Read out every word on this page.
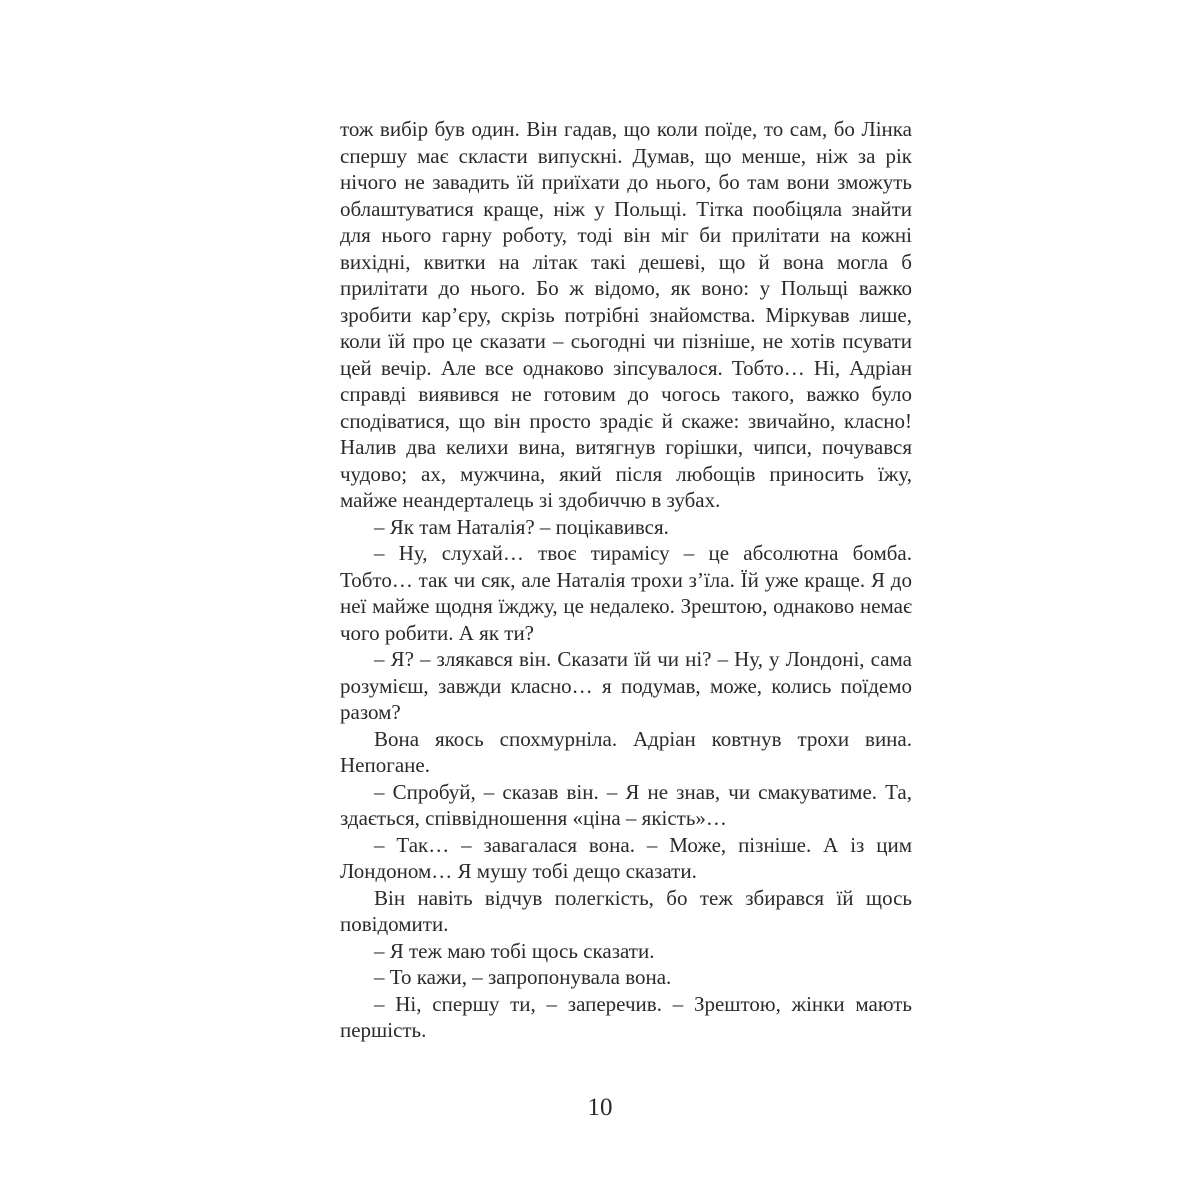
тож вибір був один. Він гадав, що коли поїде, то сам, бо Лінка спершу має скласти випускні. Думав, що менше, ніж за рік нічого не завадить їй приїхати до нього, бо там вони зможуть облаштуватися краще, ніж у Польщі. Тітка пообіцяла знайти для нього гарну роботу, тоді він міг би прилітати на кожні вихідні, квитки на літак такі дешеві, що й вона могла б прилітати до нього. Бо ж відомо, як воно: у Польщі важко зробити кар’єру, скрізь потрібні знайомства. Міркував лише, коли їй про це сказати – сьогодні чи пізніше, не хотів псувати цей вечір. Але все однаково зіпсувалося. Тобто… Ні, Адріан справді виявився не готовим до чогось такого, важко було сподіватися, що він просто зрадіє й скаже: звичайно, класно! Налив два келихи вина, витягнув горішки, чипси, почувався чудово; ах, мужчина, який після любощів приносить їжу, майже неандерталець зі здобиччю в зубах.

– Як там Наталія? – поцікавився.

– Ну, слухай… твоє тирамісу – це абсолютна бомба. Тобто… так чи сяк, але Наталія трохи з’їла. Їй уже краще. Я до неї майже щодня їжджу, це недалеко. Зрештою, однаково немає чого робити. А як ти?

– Я? – злякався він. Сказати їй чи ні? – Ну, у Лондоні, сама розумієш, завжди класно… я подумав, може, колись поїдемо разом?

Вона якось спохмурніла. Адріан ковтнув трохи вина. Непогане.

– Спробуй, – сказав він. – Я не знав, чи смакуватиме. Та, здається, співвідношення «ціна – якість»…

– Так… – завагалася вона. – Може, пізніше. А із цим Лондоном… Я мушу тобі дещо сказати.

Він навіть відчув полегкість, бо теж збирався їй щось повідомити.

– Я теж маю тобі щось сказати.

– То кажи, – запропонувала вона.

– Ні, спершу ти, – заперечив. – Зрештою, жінки мають першість.

10
